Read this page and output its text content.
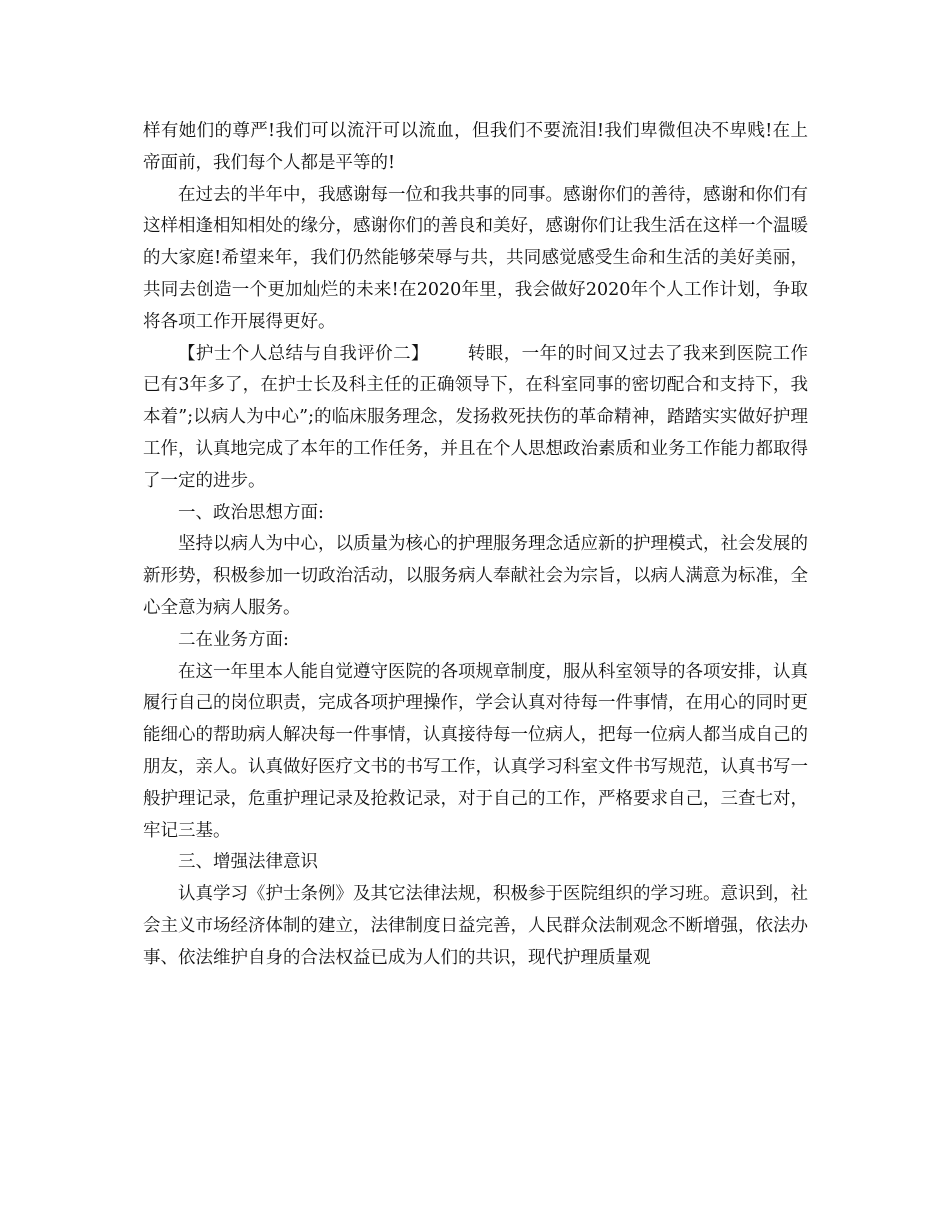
样有她们的尊严!我们可以流汗可以流血，但我们不要流泪!我们卑微但决不卑贱!在上帝面前，我们每个人都是平等的!

在过去的半年中，我感谢每一位和我共事的同事。感谢你们的善待，感谢和你们有这样相逢相知相处的缘分，感谢你们的善良和美好，感谢你们让我生活在这样一个温暖的大家庭!希望来年，我们仍然能够荣辱与共，共同感觉感受生命和生活的美好美丽，共同去创造一个更加灿烂的未来!在2020年里，我会做好2020年个人工作计划，争取将各项工作开展得更好。

【护士个人总结与自我评价二】 转眼，一年的时间又过去了我来到医院工作已有3年多了，在护士长及科主任的正确领导下，在科室同事的密切配合和支持下，我本着”;以病人为中心”;的临床服务理念，发扬救死扶伤的革命精神，踏踏实实做好护理工作，认真地完成了本年的工作任务，并且在个人思想政治素质和业务工作能力都取得了一定的进步。

一、政治思想方面:

坚持以病人为中心，以质量为核心的护理服务理念适应新的护理模式，社会发展的新形势，积极参加一切政治活动，以服务病人奉献社会为宗旨，以病人满意为标准，全心全意为病人服务。

二在业务方面:

在这一年里本人能自觉遵守医院的各项规章制度，服从科室领导的各项安排，认真履行自己的岗位职责，完成各项护理操作，学会认真对待每一件事情，在用心的同时更能细心的帮助病人解决每一件事情，认真接待每一位病人，把每一位病人都当成自己的朋友，亲人。认真做好医疗文书的书写工作，认真学习科室文件书写规范，认真书写一般护理记录，危重护理记录及抢救记录，对于自己的工作，严格要求自己，三查七对，牢记三基。

三、增强法律意识

认真学习《护士条例》及其它法律法规，积极参于医院组织的学习班。意识到，社会主义市场经济体制的建立，法律制度日益完善，人民群众法制观念不断增强，依法办事、依法维护自身的合法权益已成为人们的共识，现代护理质量观
